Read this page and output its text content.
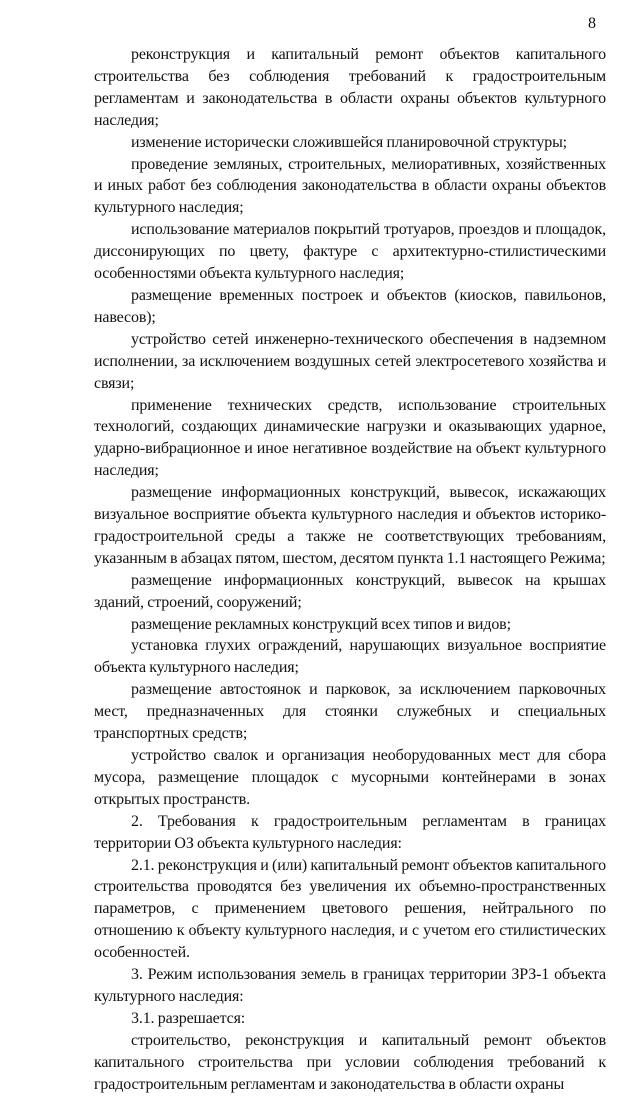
8

реконструкция и капитальный ремонт объектов капитального строительства без соблюдения требований к градостроительным регламентам и законодательства в области охраны объектов культурного наследия;

изменение исторически сложившейся планировочной структуры;

проведение земляных, строительных, мелиоративных, хозяйственных и иных работ без соблюдения законодательства в области охраны объектов культурного наследия;

использование материалов покрытий тротуаров, проездов и площадок, диссонирующих по цвету, фактуре с архитектурно-стилистическими особенностями объекта культурного наследия;

размещение временных построек и объектов (киосков, павильонов, навесов);

устройство сетей инженерно-технического обеспечения в надземном исполнении, за исключением воздушных сетей электросетевого хозяйства и связи;

применение технических средств, использование строительных технологий, создающих динамические нагрузки и оказывающих ударное, ударно-вибрационное и иное негативное воздействие на объект культурного наследия;

размещение информационных конструкций, вывесок, искажающих визуальное восприятие объекта культурного наследия и объектов историко-градостроительной среды а также не соответствующих требованиям, указанным в абзацах пятом, шестом, десятом пункта 1.1 настоящего Режима;

размещение информационных конструкций, вывесок на крышах зданий, строений, сооружений;

размещение рекламных конструкций всех типов и видов;

установка глухих ограждений, нарушающих визуальное восприятие объекта культурного наследия;

размещение автостоянок и парковок, за исключением парковочных мест, предназначенных для стоянки служебных и специальных транспортных средств;

устройство свалок и организация необорудованных мест для сбора мусора, размещение площадок с мусорными контейнерами в зонах открытых пространств.

2. Требования к градостроительным регламентам в границах территории ОЗ объекта культурного наследия:

2.1. реконструкция и (или) капитальный ремонт объектов капитального строительства проводятся без увеличения их объемно-пространственных параметров, с применением цветового решения, нейтрального по отношению к объекту культурного наследия, и с учетом его стилистических особенностей.

3. Режим использования земель в границах территории ЗРЗ-1 объекта культурного наследия:

3.1. разрешается:

строительство, реконструкция и капитальный ремонт объектов капитального строительства при условии соблюдения требований к градостроительным регламентам и законодательства в области охраны
